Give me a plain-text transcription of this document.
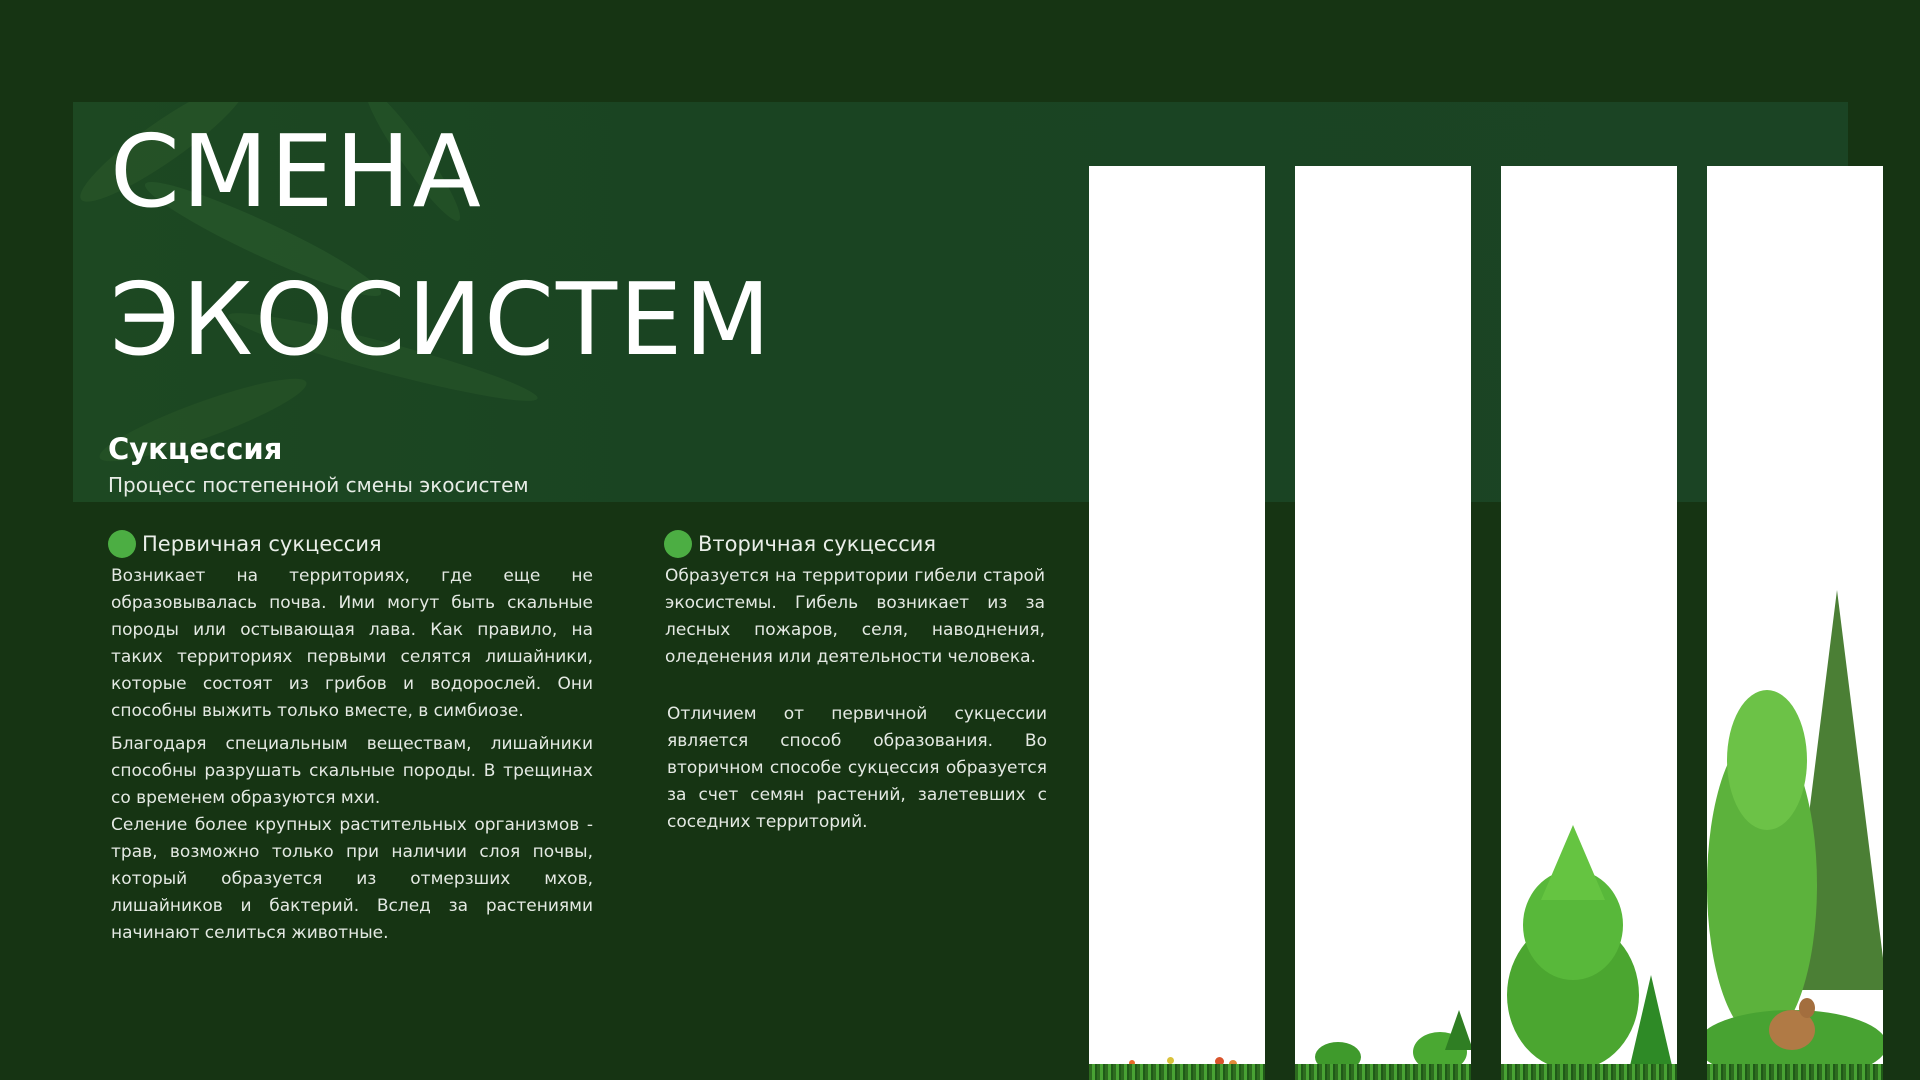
СМЕНА
ЭКОСИСТЕМ
Сукцессия
Процесс постепенной смены экосистем
Первичная сукцессия

Возникает на территориях, где еще не образовывалась почва. Ими могут быть скальные породы или остывающая лава. Как правило, на таких территориях первыми селятся лишайники, которые состоят из грибов и водорослей. Они способны выжить только вместе, в симбиозе.

Благодаря специальным веществам, лишайники способны разрушать скальные породы. В трещинах со временем образуются мхи.

Селение более крупных растительных организмов - трав, возможно только при наличии слоя почвы, который образуется из отмерзших мхов, лишайников и бактерий. Вслед за растениями начинают селиться животные.

Вторичная сукцессия

Образуется на территории гибели старой экосистемы. Гибель возникает из за лесных пожаров, селя, наводнения, оледенения или деятельности человека.

Отличием от первичной сукцессии является способ образования. Во вторичном способе сукцессия образуется за счет семян растений, залетевших с соседних территорий.
